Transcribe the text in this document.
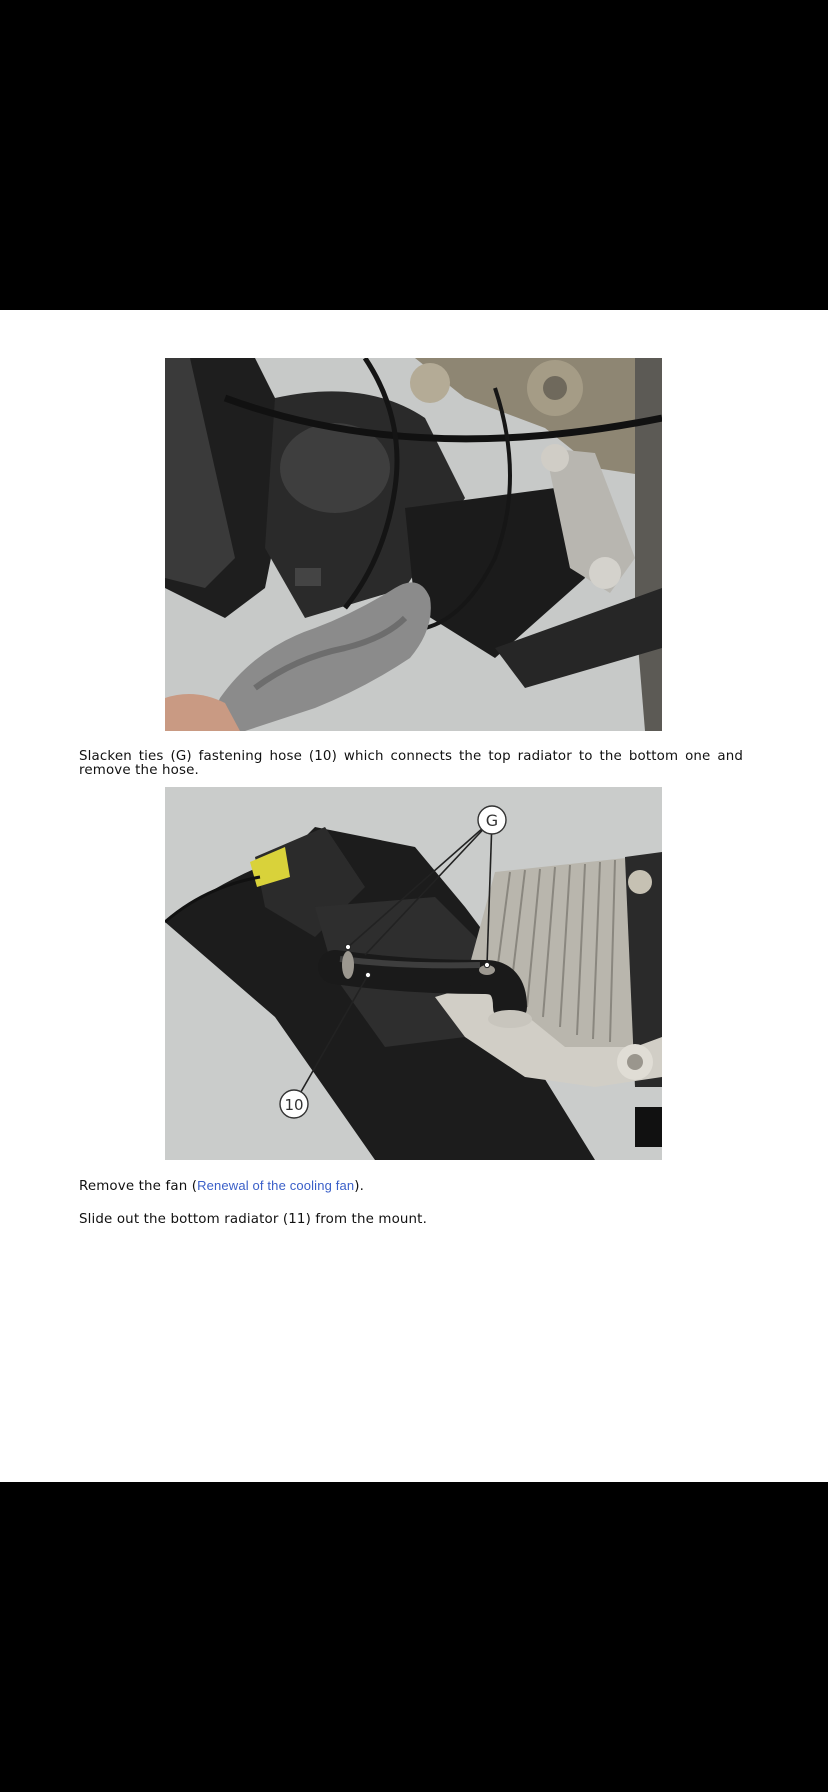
Slacken ties (G) fastening hose (10) which connects the top radiator to the bottom one and remove the hose.

G
10

Remove the fan (Renewal of the cooling fan).

Slide out the bottom radiator (11) from the mount.
